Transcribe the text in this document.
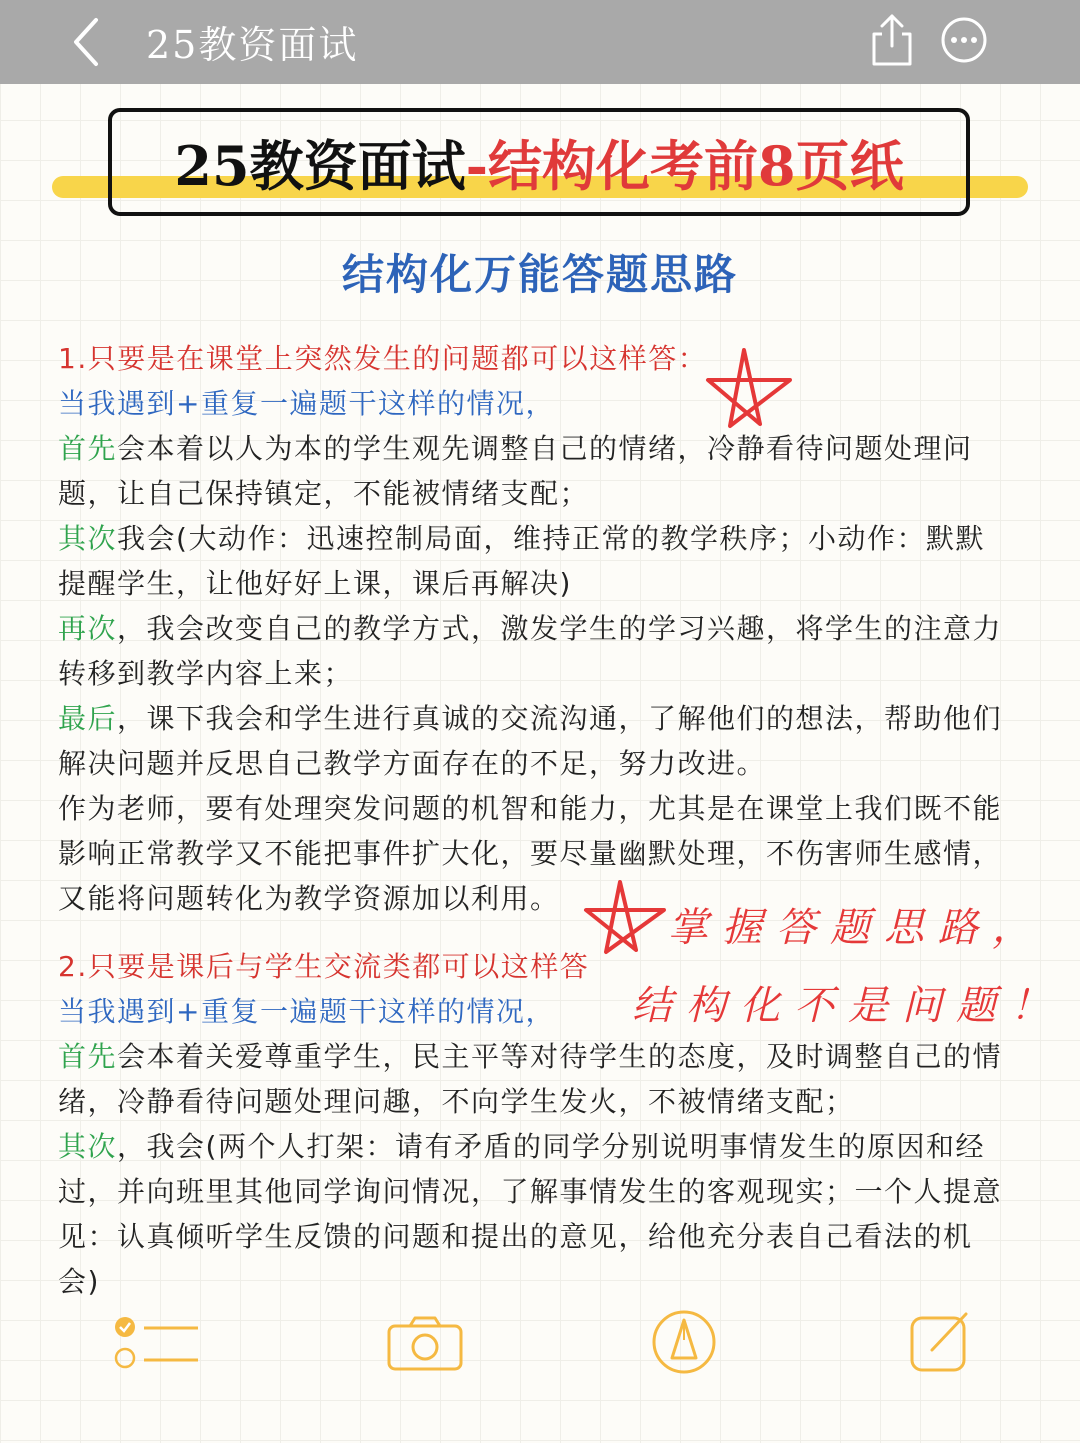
25教资面试
25教资面试 -结构化考前8页纸
结构化万能答题思路
1.只要是在课堂上突然发生的问题都可以这样答：
当我遇到+重复一遍题干这样的情况，
首先会本着以人为本的学生观先调整自己的情绪，冷静看待问题处理问
题，让自己保持镇定，不能被情绪支配；
其次我会(大动作：迅速控制局面，维持正常的教学秩序；小动作：默默
提醒学生，让他好好上课，课后再解决)
再次，我会改变自己的教学方式，激发学生的学习兴趣，将学生的注意力
转移到教学内容上来；
最后，课下我会和学生进行真诚的交流沟通，了解他们的想法，帮助他们
解决问题并反思自己教学方面存在的不足，努力改进。
作为老师，要有处理突发问题的机智和能力，尤其是在课堂上我们既不能
影响正常教学又不能把事件扩大化，要尽量幽默处理，不伤害师生感情，
又能将问题转化为教学资源加以利用。
2.只要是课后与学生交流类都可以这样答
当我遇到+重复一遍题干这样的情况，
首先会本着关爱尊重学生，民主平等对待学生的态度，及时调整自己的情
绪，冷静看待问题处理问趣，不向学生发火，不被情绪支配；
其次，我会(两个人打架：请有矛盾的同学分别说明事情发生的原因和经
过，并向班里其他同学询问情况，了解事情发生的客观现实；一个人提意
见：认真倾听学生反馈的问题和提出的意见，给他充分表自己看法的机
会)
掌握答题思路，
结构化不是问题！
